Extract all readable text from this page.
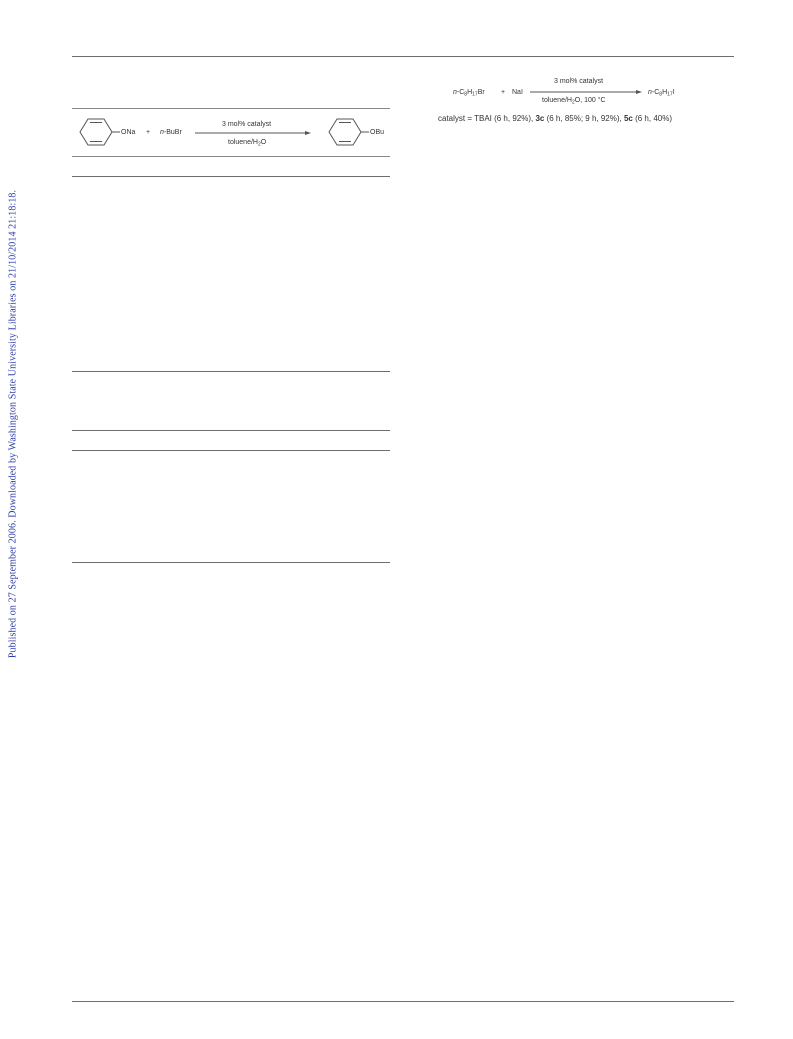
Published on 27 September 2006. Downloaded by Washington State University Libraries on 21/10/2014 21:18:18.
ONa + n-BuBr
3 mol% catalyst
toluene/$H_2O$
OBu
$n-C_8H_{17}Br$ + NaI
3 mol% catalyst
toluene/$H_2O$, 100 °C
$n-C_8H_{17}I$
catalyst = TBAI (6 h, 92%), 3c (6 h, 85%; 9 h, 92%), 5c (6 h, 40%)
